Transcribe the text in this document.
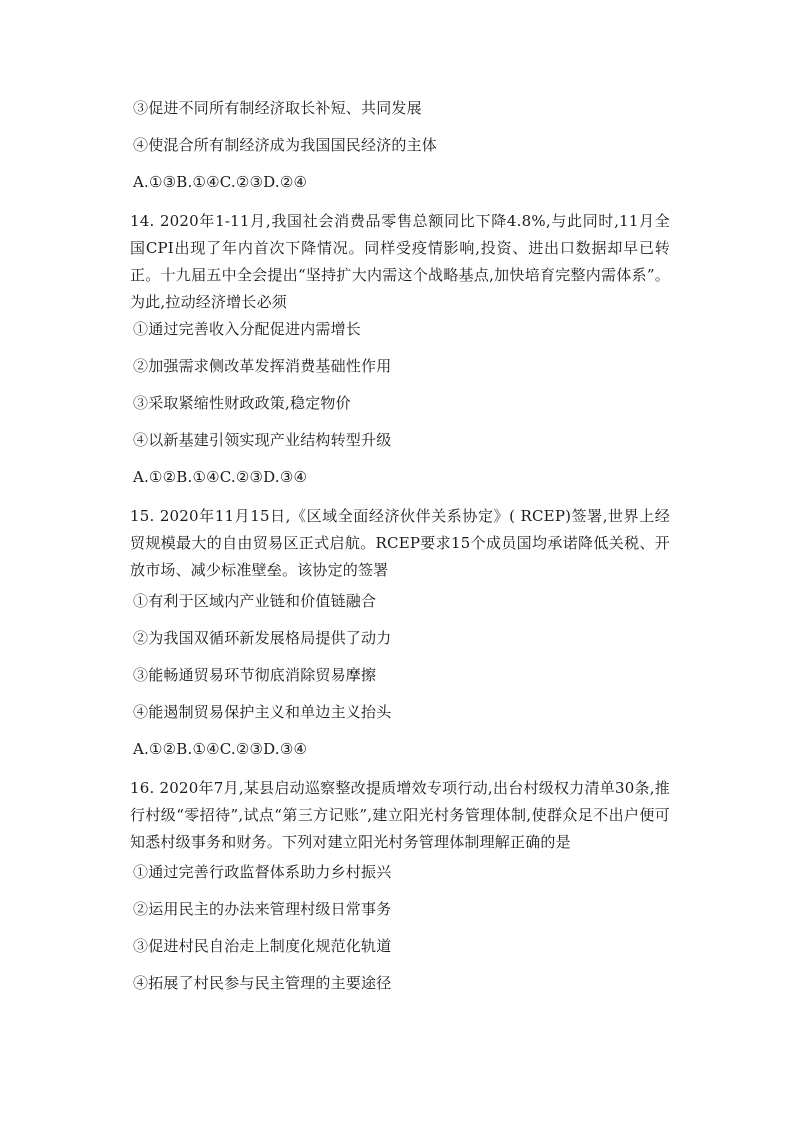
③促进不同所有制经济取长补短、共同发展
④使混合所有制经济成为我国国民经济的主体
A.①③B.①④C.②③D.②④
14. 2020年1-11月,我国社会消费品零售总额同比下降4.8%,与此同时,11月全国CPI出现了年内首次下降情况。同样受疫情影响,投资、进出口数据却早已转正。十九届五中全会提出“坚持扩大内需这个战略基点,加快培育完整内需体系”。为此,拉动经济增长必须
①通过完善收入分配促进内需增长
②加强需求侧改革发挥消费基础性作用
③采取紧缩性财政政策,稳定物价
④以新基建引领实现产业结构转型升级
A.①②B.①④C.②③D.③④
15. 2020年11月15日,《区域全面经济伙伴关系协定》( RCEP)签署,世界上经贸规模最大的自由贸易区正式启航。RCEP要求15个成员国均承诺降低关税、开放市场、减少标准壁垒。该协定的签署
①有利于区域内产业链和价值链融合
②为我国双循环新发展格局提供了动力
③能畅通贸易环节彻底消除贸易摩擦
④能遏制贸易保护主义和单边主义抬头
A.①②B.①④C.②③D.③④
16. 2020年7月,某县启动巡察整改提质增效专项行动,出台村级权力清单30条,推行村级“零招待”,试点“第三方记账”,建立阳光村务管理体制,使群众足不出户便可知悉村级事务和财务。下列对建立阳光村务管理体制理解正确的是
①通过完善行政监督体系助力乡村振兴
②运用民主的办法来管理村级日常事务
③促进村民自治走上制度化规范化轨道
④拓展了村民参与民主管理的主要途径
